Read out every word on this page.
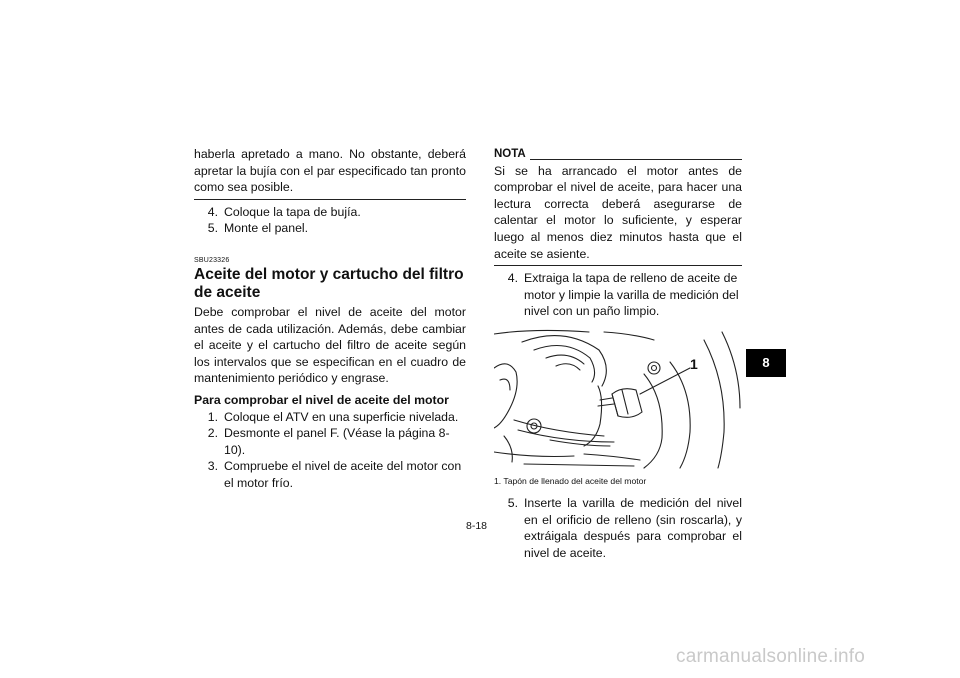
haberla apretado a mano. No obstante, deberá apretar la bujía con el par especificado tan pronto como sea posible.
4. Coloque la tapa de bujía.
5. Monte el panel.
SBU23326
Aceite del motor y cartucho del filtro de aceite
Debe comprobar el nivel de aceite del motor antes de cada utilización. Además, debe cambiar el aceite y el cartucho del filtro de aceite según los intervalos que se especifican en el cuadro de mantenimiento periódico y engrase.
Para comprobar el nivel de aceite del motor
1. Coloque el ATV en una superficie nivelada.
2. Desmonte el panel F. (Véase la página 8-10).
3. Compruebe el nivel de aceite del motor con el motor frío.
NOTA
Si se ha arrancado el motor antes de comprobar el nivel de aceite, para hacer una lectura correcta deberá asegurarse de calentar el motor lo suficiente, y esperar luego al menos diez minutos hasta que el aceite se asiente.
4. Extraiga la tapa de relleno de aceite de motor y limpie la varilla de medición del nivel con un paño limpio.
1
1. Tapón de llenado del aceite del motor
5. Inserte la varilla de medición del nivel en el orificio de relleno (sin roscarla), y extráigala después para comprobar el nivel de aceite.
8
8-18
carmanualsonline.info
